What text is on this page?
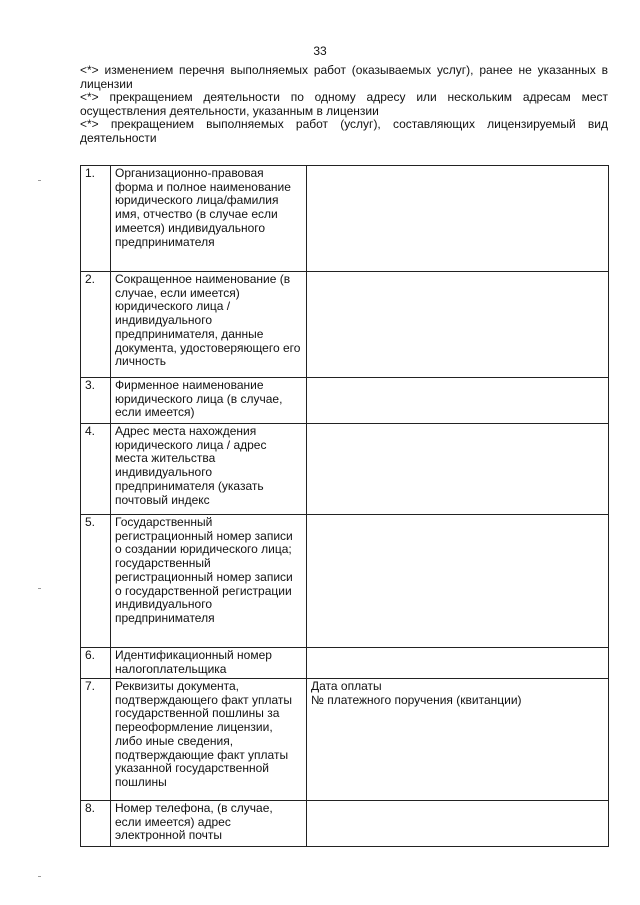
33

<*> изменением перечня выполняемых работ (оказываемых услуг), ранее не указанных в лицензии

<*> прекращением деятельности по одному адресу или нескольким адресам мест осуществления деятельности, указанным в лицензии

<*> прекращением выполняемых работ (услуг), составляющих лицензируемый вид деятельности

1.	Организационно-правовая форма и полное наименование юридического лица/фамилия имя, отчество (в случае если имеется) индивидуального предпринимателя	
2.	Сокращенное наименование (в случае, если имеется) юридического лица / индивидуального предпринимателя, данные документа, удостоверяющего его личность	
3.	Фирменное наименование юридического лица (в случае, если имеется)	
4.	Адрес места нахождения юридического лица / адрес места жительства индивидуального предпринимателя (указать почтовый индекс	
5.	Государственный регистрационный номер записи о создании юридического лица; государственный регистрационный номер записи о государственной регистрации индивидуального предпринимателя	
6.	Идентификационный номер налогоплательщика	
7.	Реквизиты документа, подтверждающего факт уплаты государственной пошлины за переоформление лицензии, либо иные сведения, подтверждающие факт уплаты указанной государственной пошлины	Дата оплаты
№ платежного поручения (квитанции)

8.	Номер телефона, (в случае, если имеется) адрес электронной почты	
